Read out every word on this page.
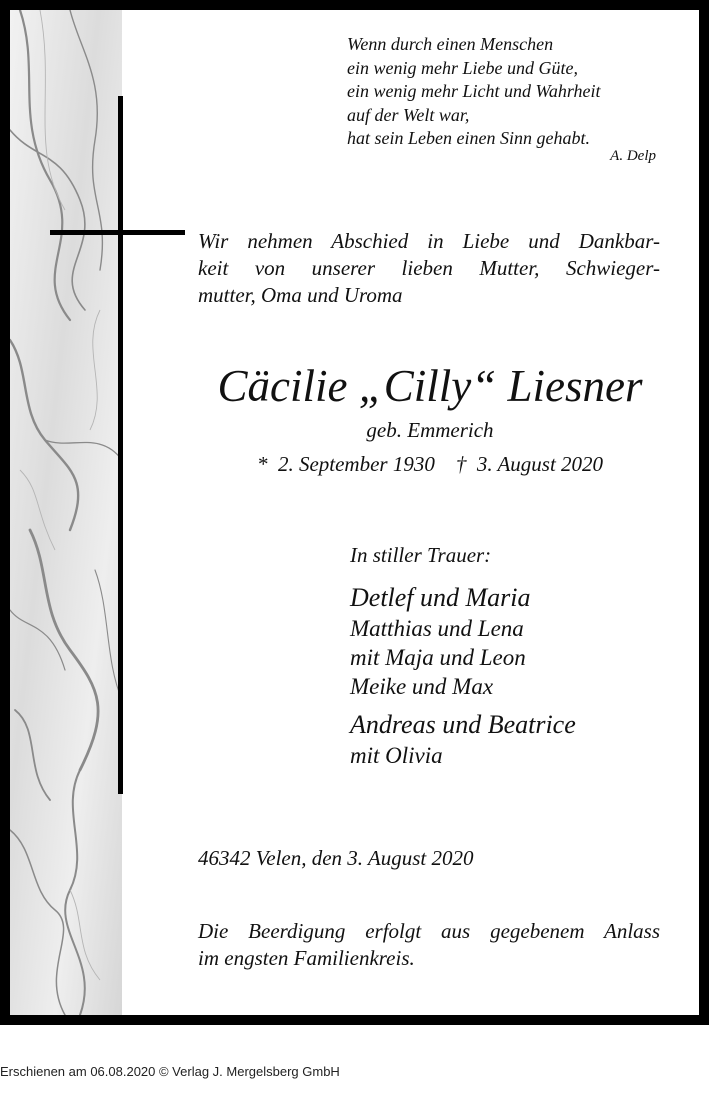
Wenn durch einen Menschen
ein wenig mehr Liebe und Güte,
ein wenig mehr Licht und Wahrheit
auf der Welt war,
hat sein Leben einen Sinn gehabt.
A. Delp
Wir nehmen Abschied in Liebe und Dankbar-
keit von unserer lieben Mutter, Schwieger-
mutter, Oma und Uroma
Cäcilie „Cilly“ Liesner
geb. Emmerich
*  2. September 1930    †  3. August 2020
In stiller Trauer:
Detlef und Maria
Matthias und Lena
mit Maja und Leon
Meike und Max
Andreas und Beatrice
mit Olivia
46342 Velen, den 3. August 2020
Die Beerdigung erfolgt aus gegebenem Anlass
im engsten Familienkreis.
Erschienen am 06.08.2020 © Verlag J. Mergelsberg GmbH
